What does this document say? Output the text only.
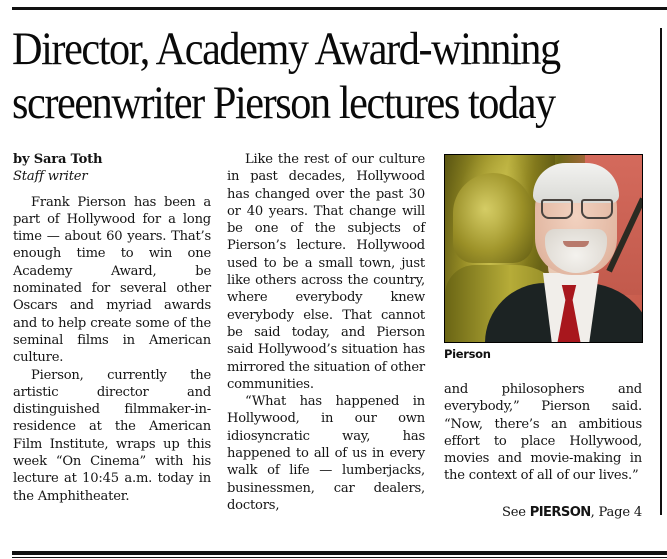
Director, Academy Award-winning
screenwriter Pierson lectures today
by Sara Toth
Staff writer

Frank Pierson has been a part of Hollywood for a long time — about 60 years. That’s enough time to win one Academy Award, be nominated for several other Oscars and myriad awards and to help create some of the seminal films in American culture.

Pierson, currently the artistic director and distinguished filmmaker-in-residence at the American Film Institute, wraps up this week “On Cinema” with his lecture at 10:45 a.m. today in the Amphitheater.

Like the rest of our culture in past decades, Hollywood has changed over the past 30 or 40 years. That change will be one of the subjects of Pierson’s lecture. Hollywood used to be a small town, just like others across the country, where everybody knew everybody else. That cannot be said today, and Pierson said Hollywood’s situation has mirrored the situation of other communities.

“What has happened in Hollywood, in our own idiosyncratic way, has happened to all of us in every walk of life — lumberjacks, businessmen, car dealers, doctors,

Pierson

and philosophers and everybody,” Pierson said. “Now, there’s an ambitious effort to place Hollywood, movies and movie-making in the context of all of our lives.”

See PIERSON, Page 4
